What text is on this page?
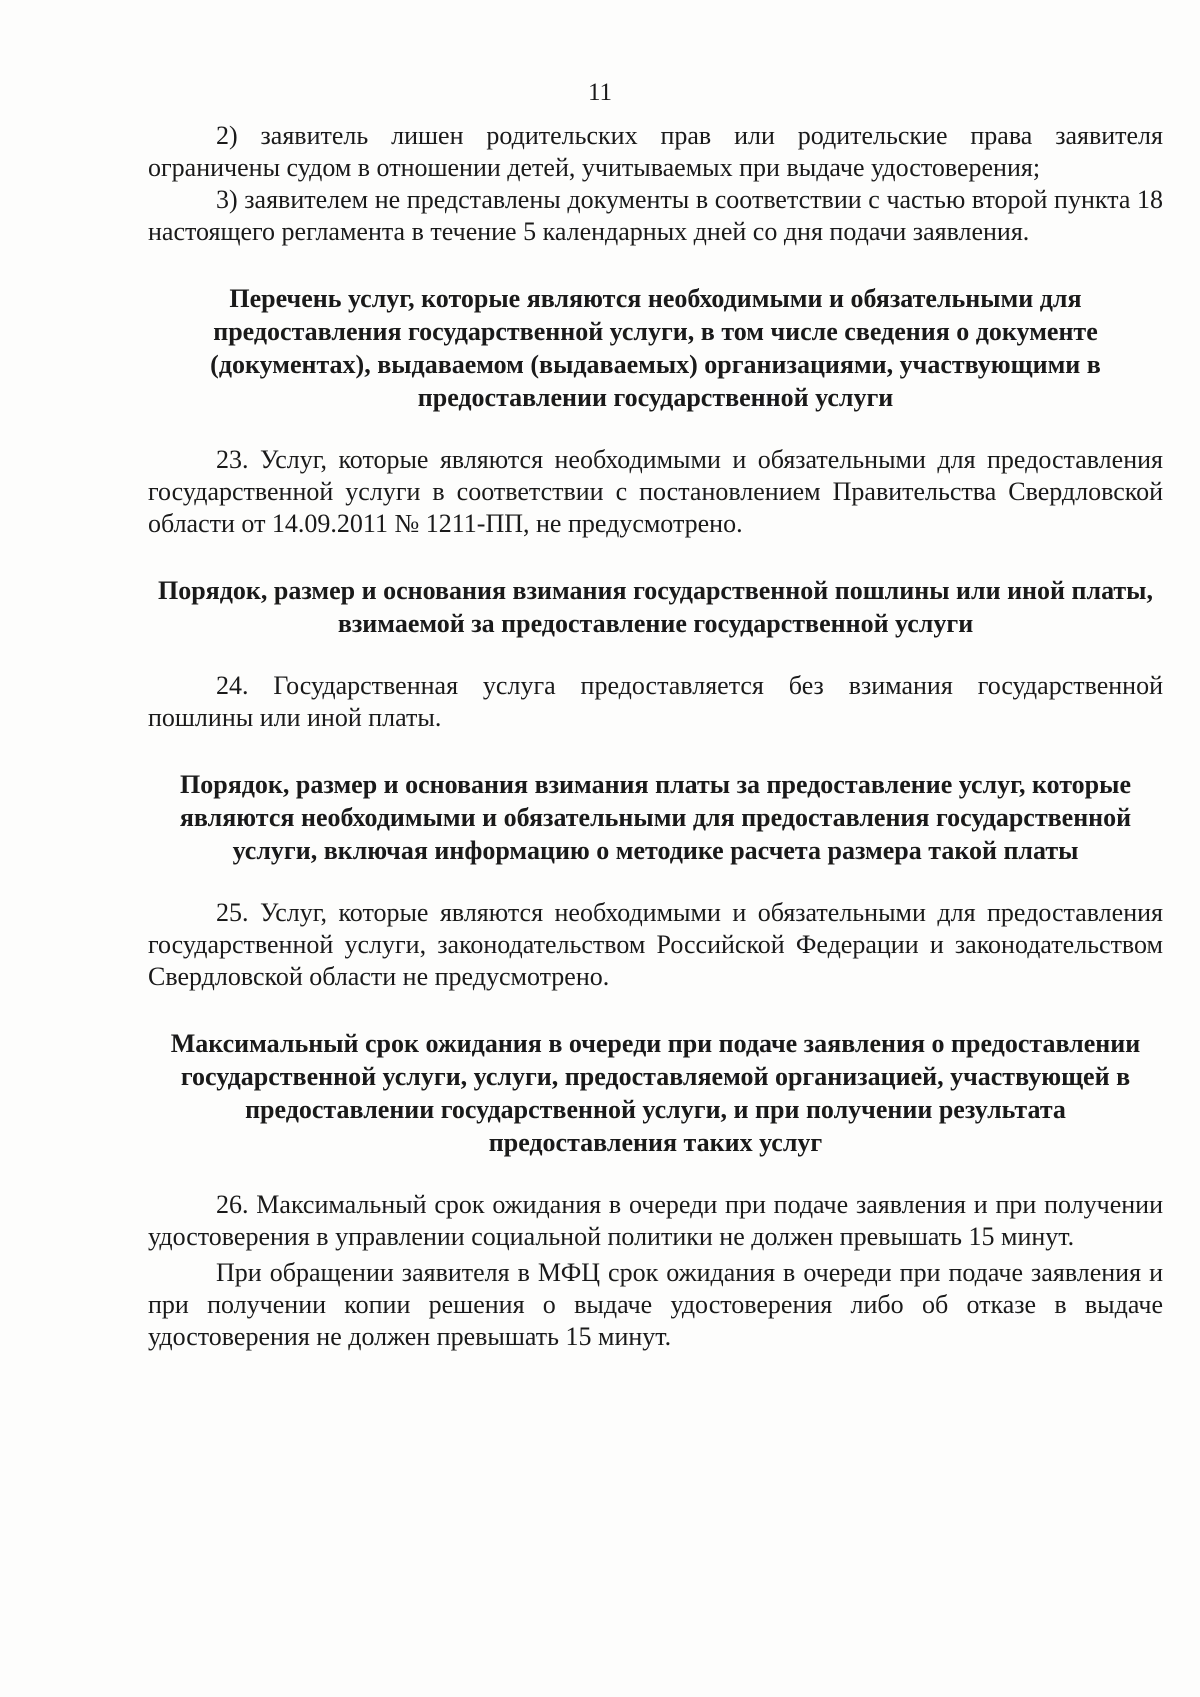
11

2) заявитель лишен родительских прав или родительские права заявителя ограничены судом в отношении детей, учитываемых при выдаче удостоверения;

3) заявителем не представлены документы в соответствии с частью второй пункта 18 настоящего регламента в течение 5 календарных дней со дня подачи заявления.

Перечень услуг, которые являются необходимыми и обязательными для предоставления государственной услуги, в том числе сведения о документе (документах), выдаваемом (выдаваемых) организациями, участвующими в предоставлении государственной услуги

23. Услуг, которые являются необходимыми и обязательными для предоставления государственной услуги в соответствии с постановлением Правительства Свердловской области от 14.09.2011 № 1211-ПП, не предусмотрено.

Порядок, размер и основания взимания государственной пошлины или иной платы, взимаемой за предоставление государственной услуги

24. Государственная услуга предоставляется без взимания государственной пошлины или иной платы.

Порядок, размер и основания взимания платы за предоставление услуг, которые являются необходимыми и обязательными для предоставления государственной услуги, включая информацию о методике расчета размера такой платы

25. Услуг, которые являются необходимыми и обязательными для предоставления государственной услуги, законодательством Российской Федерации и законодательством Свердловской области не предусмотрено.

Максимальный срок ожидания в очереди при подаче заявления о предоставлении государственной услуги, услуги, предоставляемой организацией, участвующей в предоставлении государственной услуги, и при получении результата предоставления таких услуг

26. Максимальный срок ожидания в очереди при подаче заявления и при получении удостоверения в управлении социальной политики не должен превышать 15 минут.

При обращении заявителя в МФЦ срок ожидания в очереди при подаче заявления и при получении копии решения о выдаче удостоверения либо об отказе в выдаче удостоверения не должен превышать 15 минут.
